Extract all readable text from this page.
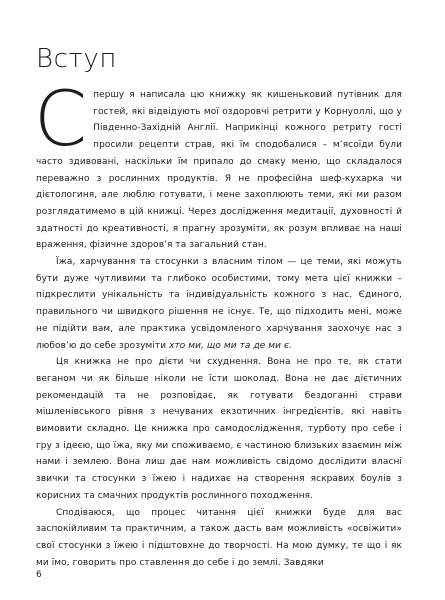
Вступ

Спершу я написала цю книжку як кишеньковий путівник для гостей, які відвідують мої оздоровчі ретрити у Корнуоллі, що у Південно-Західній Англії. Наприкінці кожного ретриту гості просили рецепти страв, які їм сподобалися – м’ясоїди були часто здивовані, наскільки їм припало до смаку меню, що складалося переважно з рослинних продуктів. Я не професійна шеф-кухарка чи дієтологиня, але люблю готувати, і мене захоплюють теми, які ми разом розглядатимемо в цій книжці. Через дослідження медитації, духовності й здатності до креативності, я прагну зрозуміти, як розум впливає на наші враження, фізичне здоров’я та загальний стан.

Їжа, харчування та стосунки з власним тілом — це теми, які можуть бути дуже чутливими та глибоко особистими, тому мета цієї книжки – підкреслити унікальність та індивідуальність кожного з нас. Єдиного, правильного чи швидкого рішення не існує. Те, що підходить мені, може не підійти вам, але практика усвідомленого харчування заохочує нас з любов’ю до себе зрозуміти хто ми, що ми та де ми є.

Ця книжка не про дієти чи схуднення. Вона не про те, як стати веганом чи як більше ніколи не їсти шоколад. Вона не дає дієтичних рекомендацій та не розповідає, як готувати бездоганні страви мішленівського рівня з нечуваних екзотичних інгредієнтів, які навіть вимовити складно. Це книжка про самодослідження, турботу про себе і гру з ідеєю, що їжа, яку ми споживаємо, є частиною близьких взаємин між нами і землею. Вона лиш дає нам можливість свідомо дослідити власні звички та стосунки з їжею і надихає на створення яскравих боулів з корисних та смачних продуктів рослинного походження.

Сподіваюся, що процес читання цієї книжки буде для вас заспокійливим та практичним, а також дасть вам можливість «освіжити» свої стосунки з їжею і підштовхне до творчості. На мою думку, те що і як ми їмо, говорить про ставлення до себе і до землі. Завдяки

6
